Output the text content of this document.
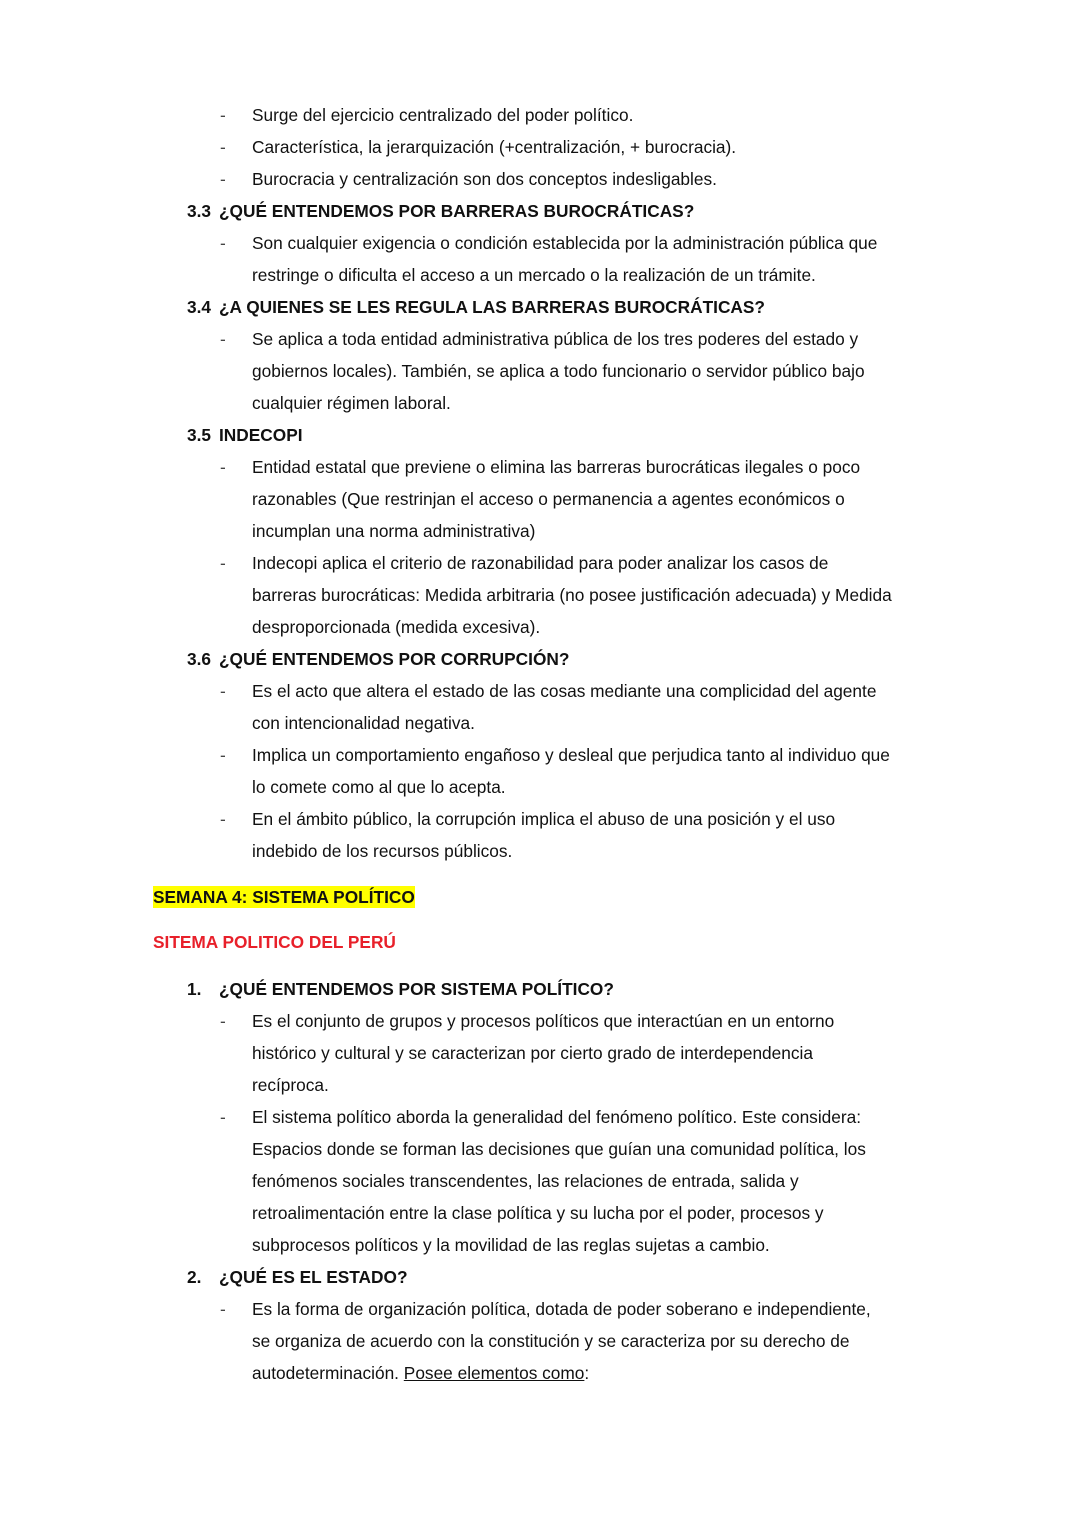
- Surge del ejercicio centralizado del poder político.
- Característica, la jerarquización (+centralización, + burocracia).
- Burocracia y centralización son dos conceptos indesligables.
3.3 ¿QUÉ ENTENDEMOS POR BARRERAS BUROCRÁTICAS?
- Son cualquier exigencia o condición establecida por la administración pública que
restringe o dificulta el acceso a un mercado o la realización de un trámite.
3.4 ¿A QUIENES SE LES REGULA LAS BARRERAS BUROCRÁTICAS?
- Se aplica a toda entidad administrativa pública de los tres poderes del estado y
gobiernos locales). También, se aplica a todo funcionario o servidor público bajo
cualquier régimen laboral.
3.5 INDECOPI
- Entidad estatal que previene o elimina las barreras burocráticas ilegales o poco
razonables (Que restrinjan el acceso o permanencia a agentes económicos o
incumplan una norma administrativa)
- Indecopi aplica el criterio de razonabilidad para poder analizar los casos de
barreras burocráticas: Medida arbitraria (no posee justificación adecuada) y Medida
desproporcionada (medida excesiva).
3.6 ¿QUÉ ENTENDEMOS POR CORRUPCIÓN?
- Es el acto que altera el estado de las cosas mediante una complicidad del agente
con intencionalidad negativa.
- Implica un comportamiento engañoso y desleal que perjudica tanto al individuo que
lo comete como al que lo acepta.
- En el ámbito público, la corrupción implica el abuso de una posición y el uso
indebido de los recursos públicos.
SEMANA 4: SISTEMA POLÍTICO
SITEMA POLITICO DEL PERÚ
1. ¿QUÉ ENTENDEMOS POR SISTEMA POLÍTICO?
- Es el conjunto de grupos y procesos políticos que interactúan en un entorno
histórico y cultural y se caracterizan por cierto grado de interdependencia
recíproca.
- El sistema político aborda la generalidad del fenómeno político. Este considera:
Espacios donde se forman las decisiones que guían una comunidad política, los
fenómenos sociales transcendentes, las relaciones de entrada, salida y
retroalimentación entre la clase política y su lucha por el poder, procesos y
subprocesos políticos y la movilidad de las reglas sujetas a cambio.
2. ¿QUÉ ES EL ESTADO?
- Es la forma de organización política, dotada de poder soberano e independiente,
se organiza de acuerdo con la constitución y se caracteriza por su derecho de
autodeterminación. Posee elementos como:
